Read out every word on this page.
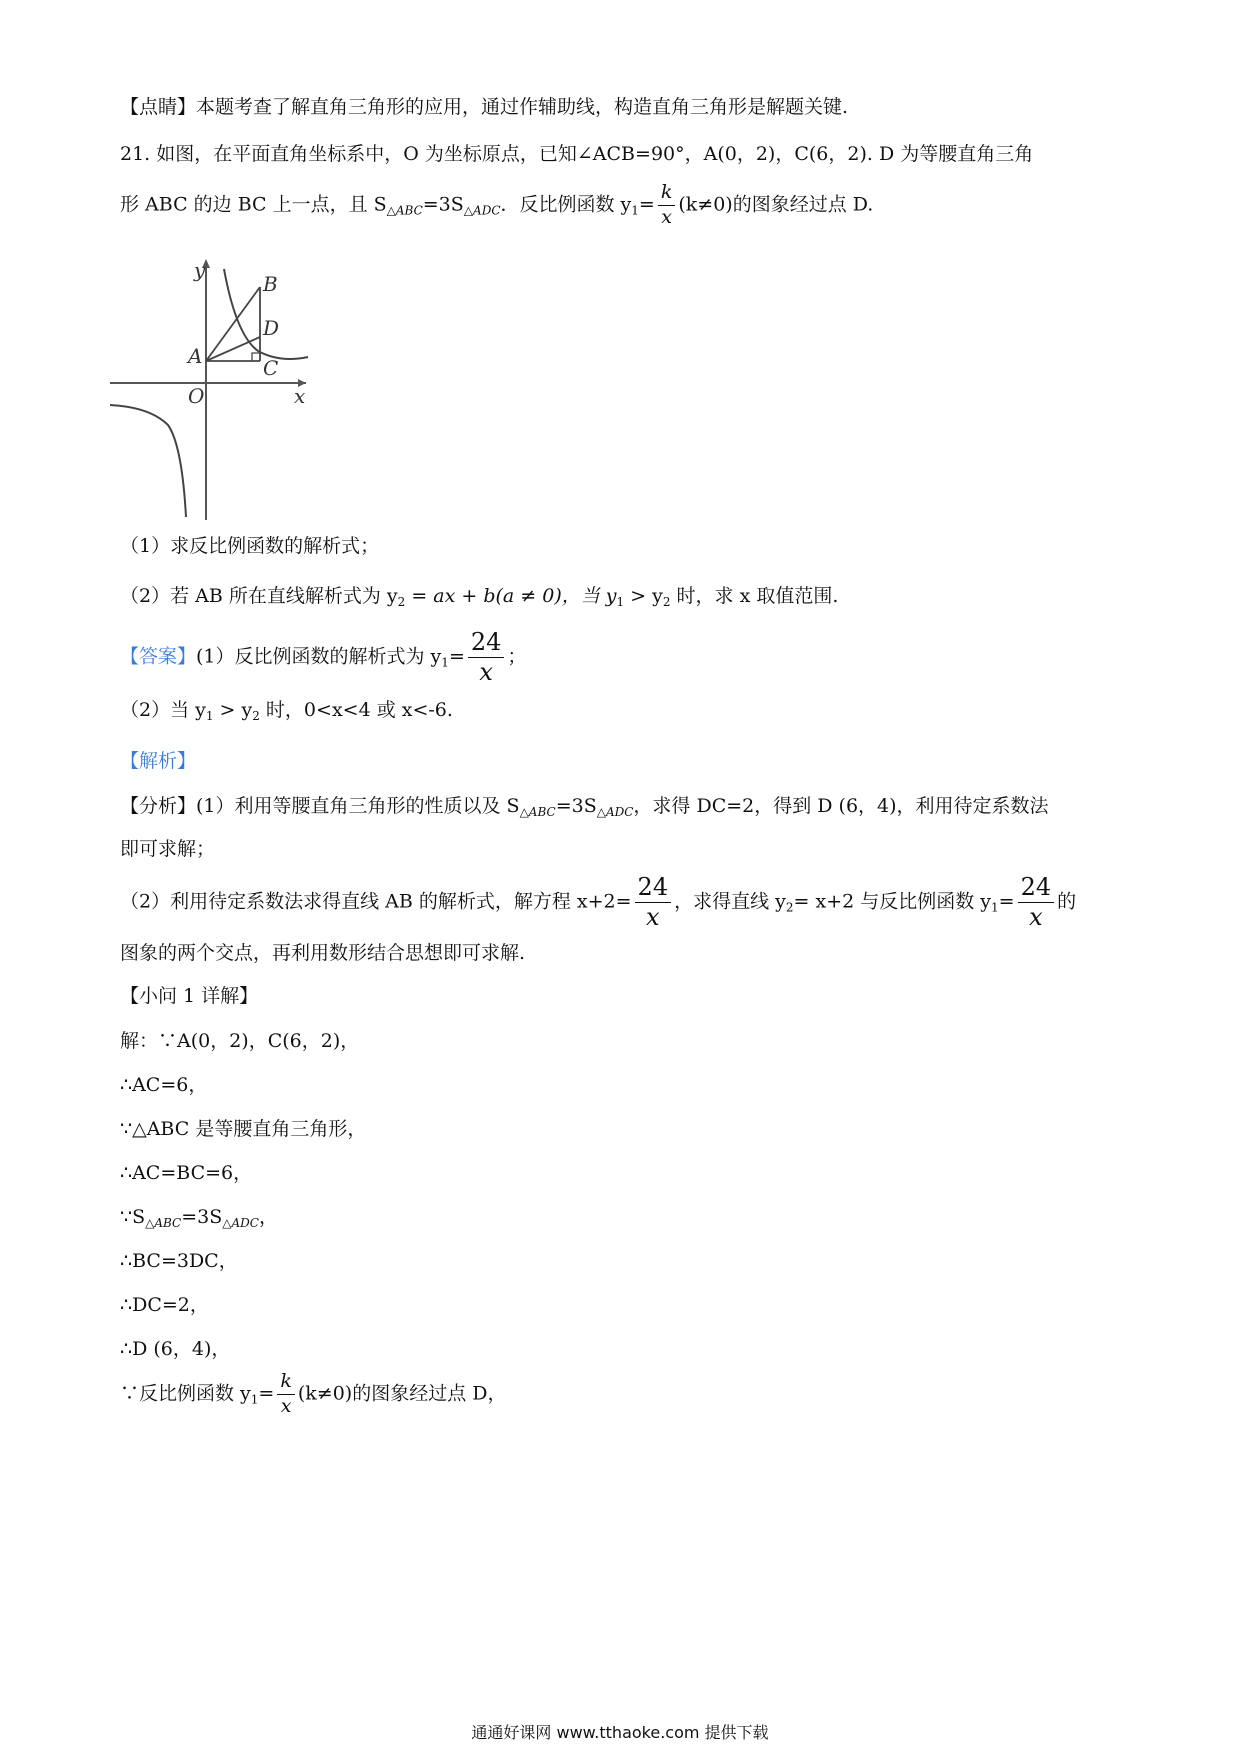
【点睛】本题考查了解直角三角形的应用，通过作辅助线，构造直角三角形是解题关键.
21. 如图，在平面直角坐标系中，O 为坐标原点，已知∠ACB=90°，A(0，2)，C(6，2). D 为等腰直角三角
形 ABC 的边 BC 上一点，且 $S_{\triangle ABC}=3S_{\triangle ADC}$．反比例函数 $y_1= \frac{k}{x} (k\ne 0)$的图象经过点 D.
y
x
O
A
B
C
D
（1）求反比例函数的解析式；
（2）若 AB 所在直线解析式为 $y_2$ = ax + b(a ≠ 0)，当 $y_1 > y_2$ 时，求 x 取值范围.
【答案】(1）反比例函数的解析式为 $y_1= \frac{24}{x}$ ；
（2）当 $y_1 > y_2$ 时，0<x<4 或 x<-6.
【解析】
【分析】(1）利用等腰直角三角形的性质以及 $S_{\triangle ABC}=3S_{\triangle ADC}$，求得 DC=2，得到 D (6，4)，利用待定系数法
即可求解；
（2）利用待定系数法求得直线 AB 的解析式，解方程 $x+2= \frac{24}{x}$ ，求得直线 $y_2= x+2$ 与反比例函数 $y_1= \frac{24}{x}$ 的
图象的两个交点，再利用数形结合思想即可求解.
【小问 1 详解】
解：∵A(0，2)，C(6，2)，
∴AC=6，
∵△ABC 是等腰直角三角形，
∴AC=BC=6，
$\because S_{\triangle ABC}=3S_{\triangle ADC}$，
∴BC=3DC，
∴DC=2，
∴D (6，4)，
∵反比例函数 $y_1= \frac{k}{x} (k\ne 0)$的图象经过点 D，
通通好课网 www.tthaoke.com 提供下载
